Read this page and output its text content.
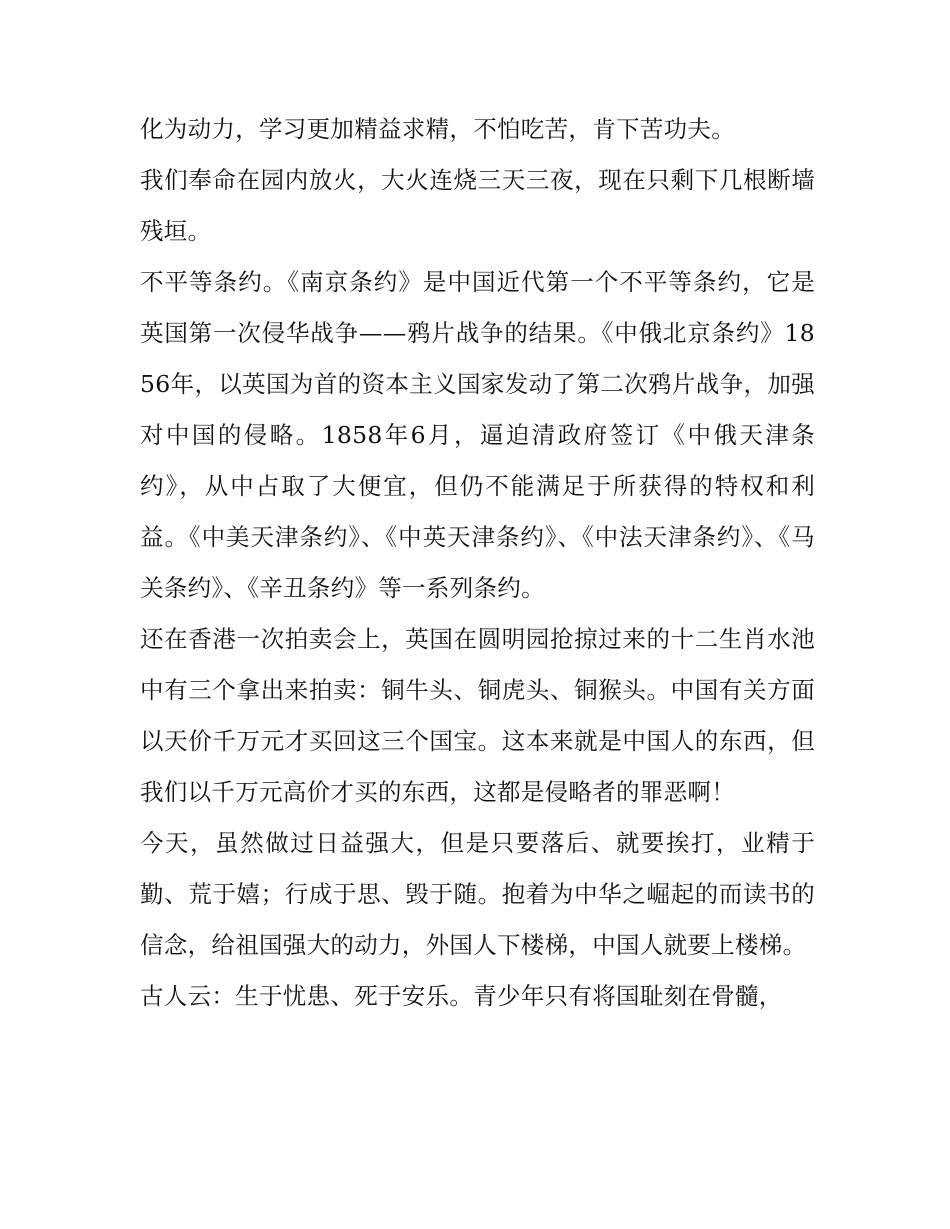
化为动力，学习更加精益求精，不怕吃苦，肯下苦功夫。

我们奉命在园内放火，大火连烧三天三夜，现在只剩下几根断墙残垣。

不平等条约。《南京条约》是中国近代第一个不平等条约，它是英国第一次侵华战争——鸦片战争的结果。《中俄北京条约》1856年，以英国为首的资本主义国家发动了第二次鸦片战争，加强对中国的侵略。1858年6月，逼迫清政府签订《中俄天津条约》，从中占取了大便宜，但仍不能满足于所获得的特权和利益。《中美天津条约》、《中英天津条约》、《中法天津条约》、《马关条约》、《辛丑条约》等一系列条约。

还在香港一次拍卖会上，英国在圆明园抢掠过来的十二生肖水池中有三个拿出来拍卖：铜牛头、铜虎头、铜猴头。中国有关方面以天价千万元才买回这三个国宝。这本来就是中国人的东西，但我们以千万元高价才买的东西，这都是侵略者的罪恶啊！

今天，虽然做过日益强大，但是只要落后、就要挨打，业精于勤、荒于嬉；行成于思、毁于随。抱着为中华之崛起的而读书的信念，给祖国强大的动力，外国人下楼梯，中国人就要上楼梯。

古人云：生于忧患、死于安乐。青少年只有将国耻刻在骨髓，
